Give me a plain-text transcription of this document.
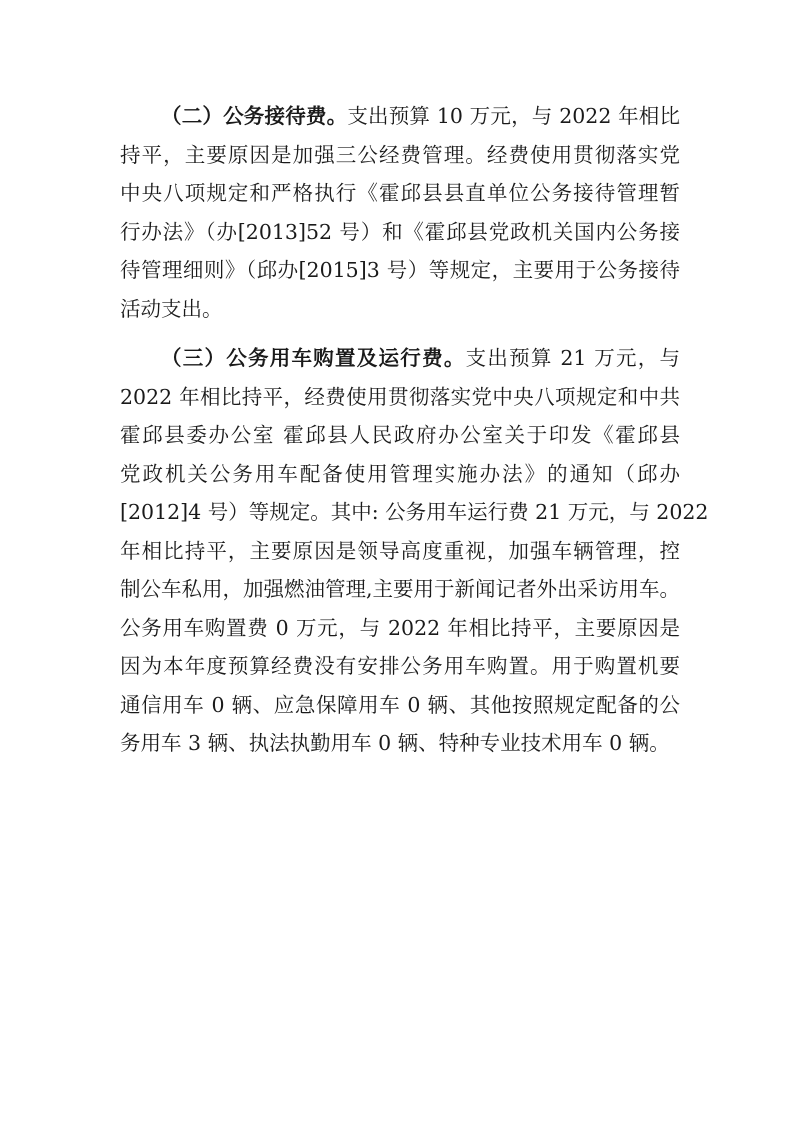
（二）公务接待费。支出预算 10 万元，与 2022 年相比
持平，主要原因是加强三公经费管理。经费使用贯彻落实党
中央八项规定和严格执行《霍邱县县直单位公务接待管理暂
行办法》（办[2013]52 号）和《霍邱县党政机关国内公务接
待管理细则》（邱办[2015]3 号）等规定，主要用于公务接待
活动支出。
（三）公务用车购置及运行费。支出预算 21 万元，与
2022 年相比持平，经费使用贯彻落实党中央八项规定和中共
霍邱县委办公室 霍邱县人民政府办公室关于印发《霍邱县
党政机关公务用车配备使用管理实施办法》的通知（邱办
[2012]4 号）等规定。其中: 公务用车运行费 21 万元，与 2022
年相比持平，主要原因是领导高度重视，加强车辆管理，控
制公车私用，加强燃油管理,主要用于新闻记者外出采访用车。
公务用车购置费 0 万元，与 2022 年相比持平，主要原因是
因为本年度预算经费没有安排公务用车购置。用于购置机要
通信用车 0 辆、应急保障用车 0 辆、其他按照规定配备的公
务用车 3 辆、执法执勤用车 0 辆、特种专业技术用车 0 辆。
